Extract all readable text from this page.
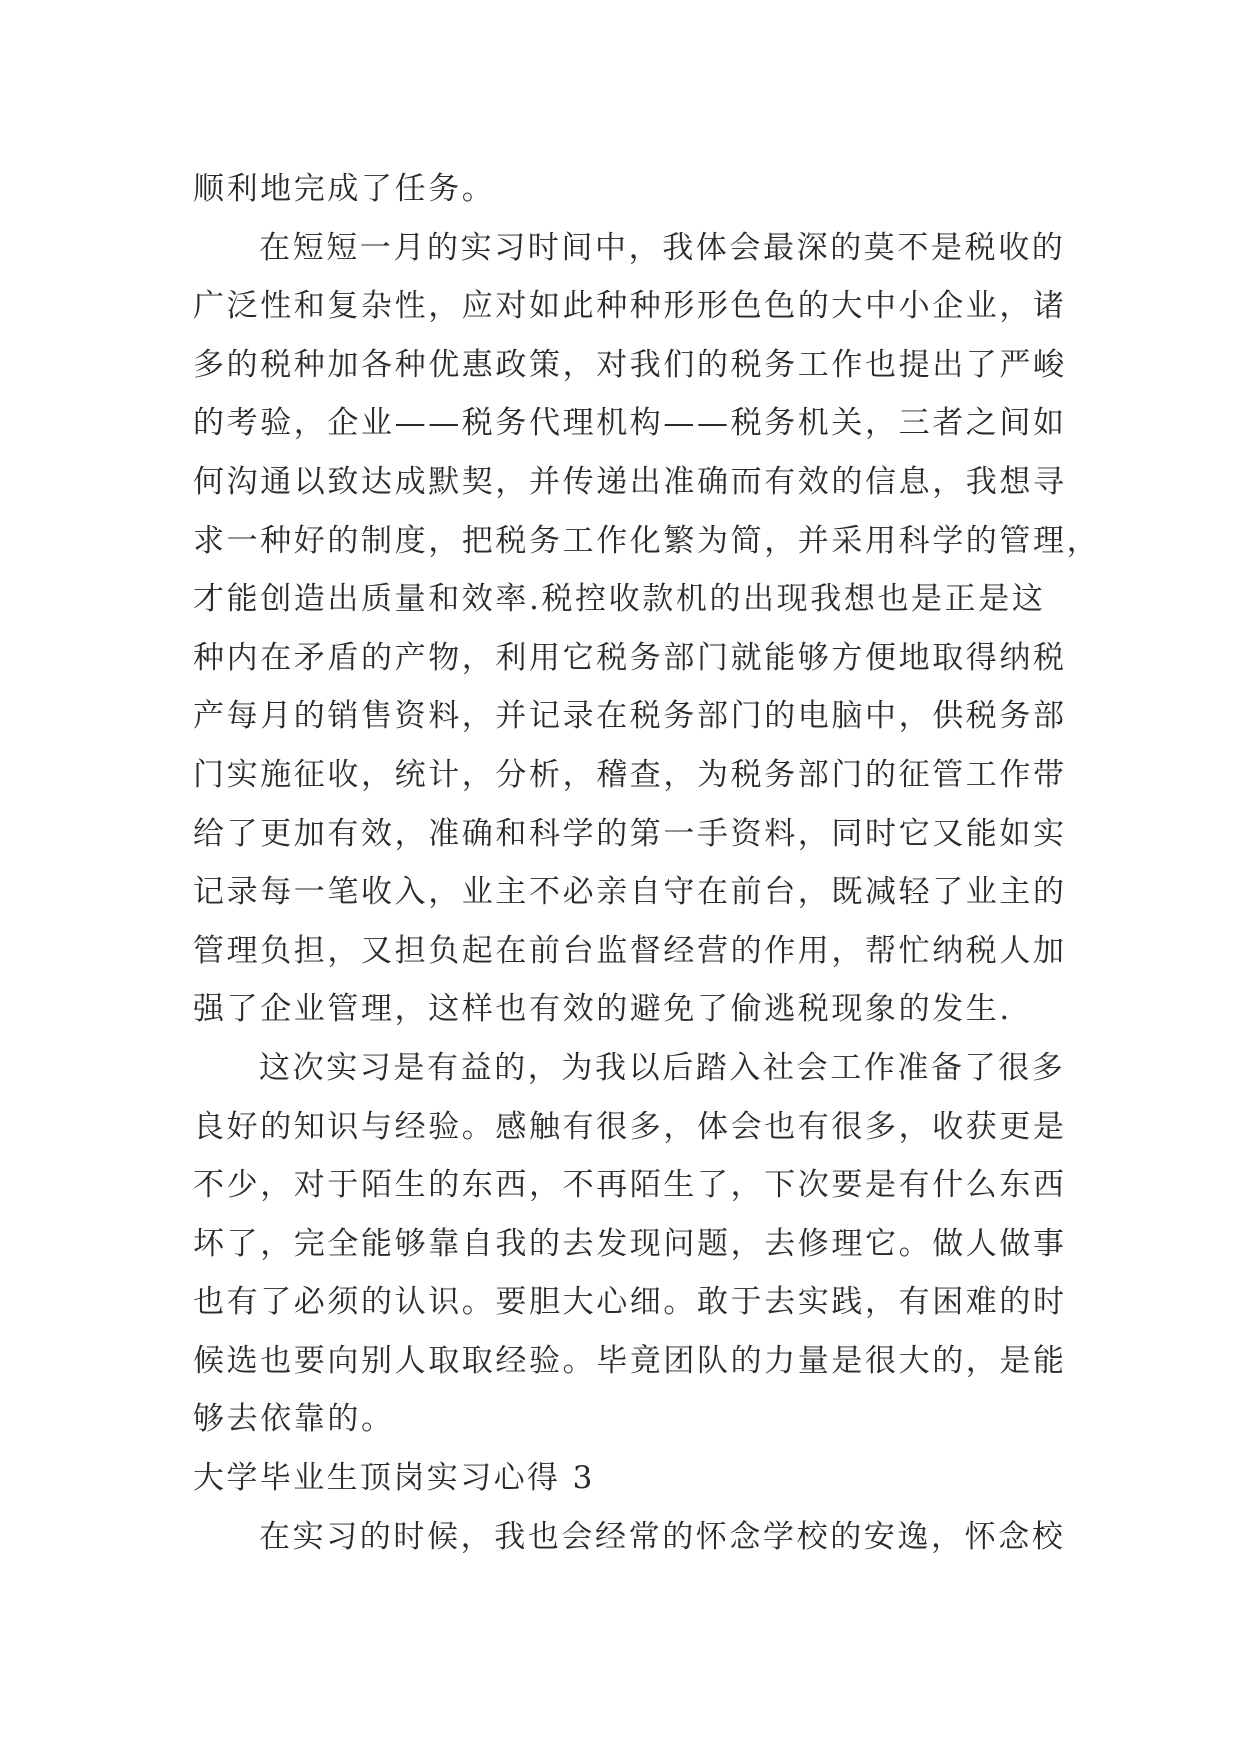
顺利地完成了任务。
在短短一月的实习时间中，我体会最深的莫不是税收的
广泛性和复杂性，应对如此种种形形色色的大中小企业，诸
多的税种加各种优惠政策，对我们的税务工作也提出了严峻
的考验，企业——税务代理机构——税务机关，三者之间如
何沟通以致达成默契，并传递出准确而有效的信息，我想寻
求一种好的制度，把税务工作化繁为简，并采用科学的管理，
才能创造出质量和效率.税控收款机的出现我想也是正是这
种内在矛盾的产物，利用它税务部门就能够方便地取得纳税
产每月的销售资料，并记录在税务部门的电脑中，供税务部
门实施征收，统计，分析，稽查，为税务部门的征管工作带
给了更加有效，准确和科学的第一手资料，同时它又能如实
记录每一笔收入，业主不必亲自守在前台，既减轻了业主的
管理负担，又担负起在前台监督经营的作用，帮忙纳税人加
强了企业管理，这样也有效的避免了偷逃税现象的发生.
这次实习是有益的，为我以后踏入社会工作准备了很多
良好的知识与经验。感触有很多，体会也有很多，收获更是
不少，对于陌生的东西，不再陌生了，下次要是有什么东西
坏了，完全能够靠自我的去发现问题，去修理它。做人做事
也有了必须的认识。要胆大心细。敢于去实践，有困难的时
候选也要向别人取取经验。毕竟团队的力量是很大的，是能
够去依靠的。
大学毕业生顶岗实习心得 3
在实习的时候，我也会经常的怀念学校的安逸，怀念校
